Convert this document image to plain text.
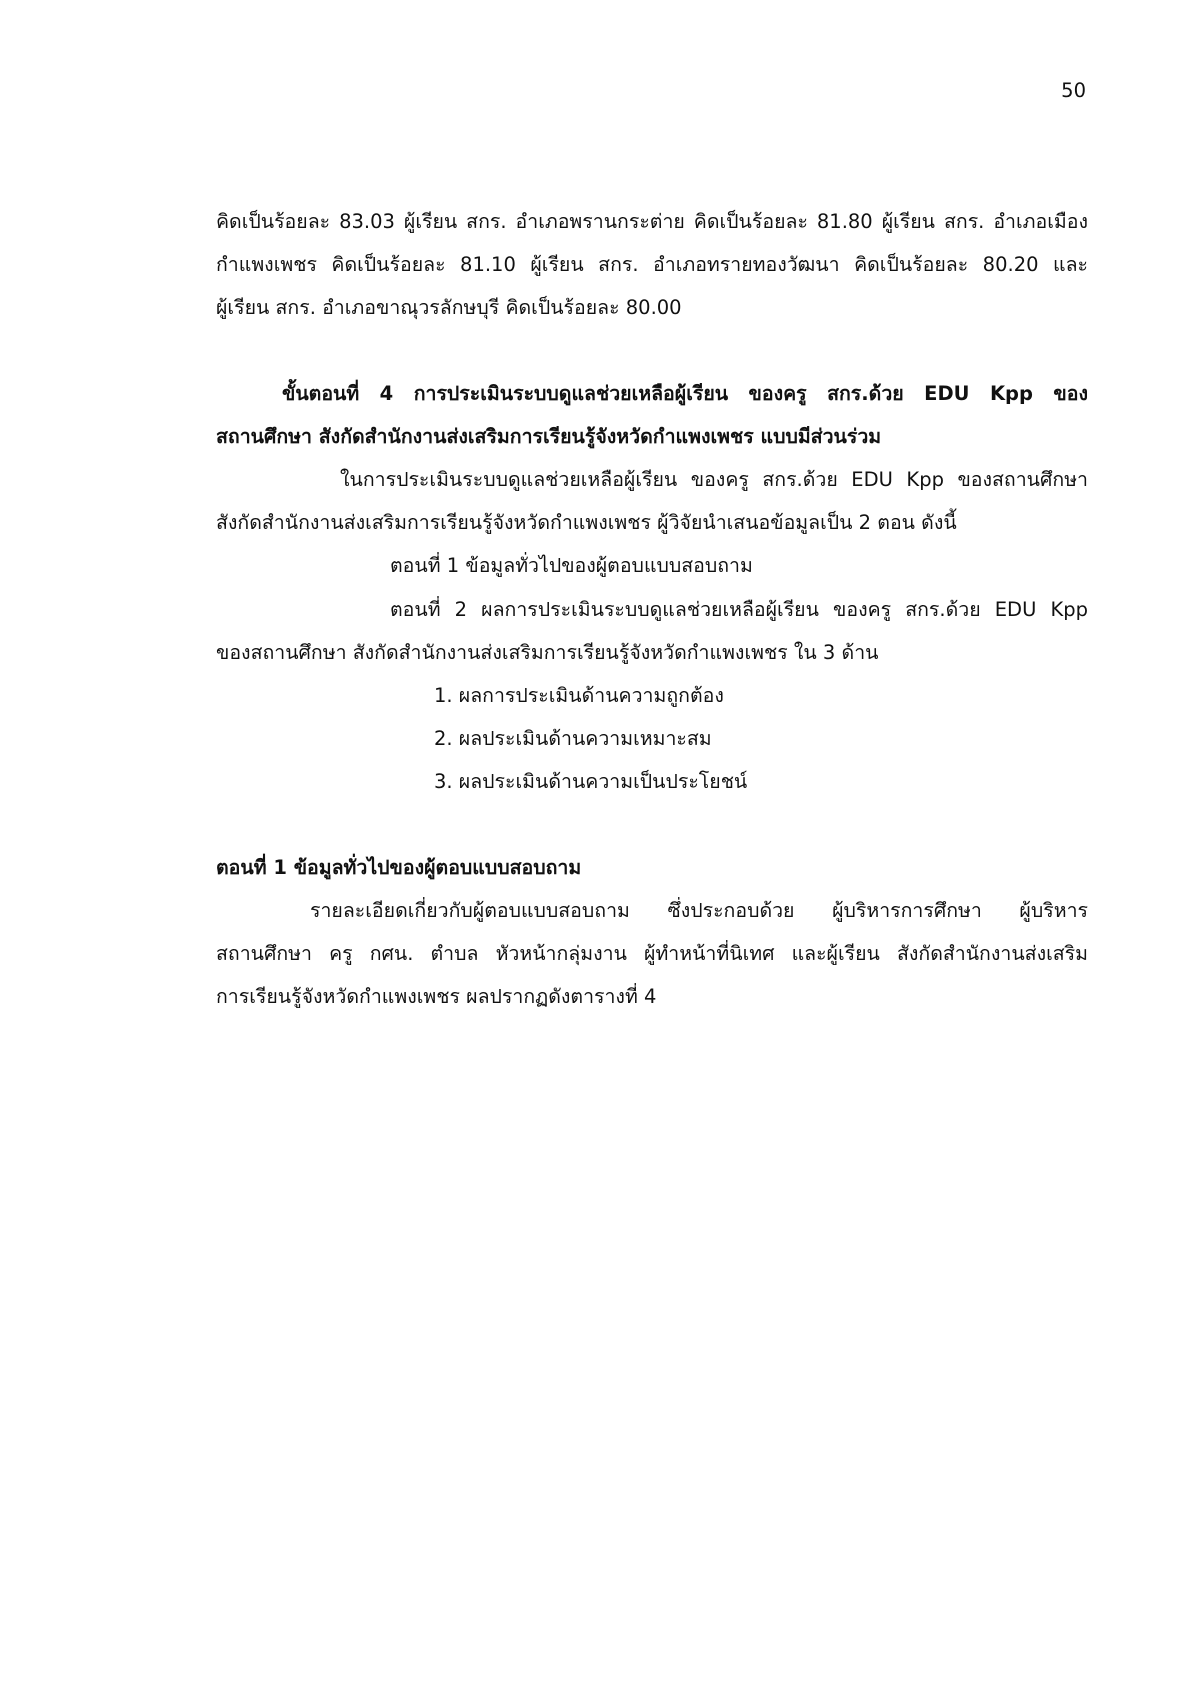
50
คิดเป็นร้อยละ 83.03 ผู้เรียน สกร. อำเภอพรานกระต่าย คิดเป็นร้อยละ 81.80 ผู้เรียน สกร. อำเภอเมือง
กำแพงเพชร คิดเป็นร้อยละ 81.10 ผู้เรียน สกร. อำเภอทรายทองวัฒนา คิดเป็นร้อยละ 80.20 และ
ผู้เรียน สกร. อำเภอขาณุวรลักษบุรี คิดเป็นร้อยละ 80.00
ขั้นตอนที่ 4 การประเมินระบบดูแลช่วยเหลือผู้เรียน ของครู สกร.ด้วย EDU Kpp ของ
สถานศึกษา สังกัดสำนักงานส่งเสริมการเรียนรู้จังหวัดกำแพงเพชร แบบมีส่วนร่วม
ในการประเมินระบบดูแลช่วยเหลือผู้เรียน ของครู สกร.ด้วย EDU Kpp ของสถานศึกษา
สังกัดสำนักงานส่งเสริมการเรียนรู้จังหวัดกำแพงเพชร ผู้วิจัยนำเสนอข้อมูลเป็น 2 ตอน ดังนี้
ตอนที่ 1 ข้อมูลทั่วไปของผู้ตอบแบบสอบถาม
ตอนที่ 2 ผลการประเมินระบบดูแลช่วยเหลือผู้เรียน ของครู สกร.ด้วย EDU Kpp
ของสถานศึกษา สังกัดสำนักงานส่งเสริมการเรียนรู้จังหวัดกำแพงเพชร ใน 3 ด้าน
1. ผลการประเมินด้านความถูกต้อง
2. ผลประเมินด้านความเหมาะสม
3. ผลประเมินด้านความเป็นประโยชน์
ตอนที่ 1 ข้อมูลทั่วไปของผู้ตอบแบบสอบถาม
รายละเอียดเกี่ยวกับผู้ตอบแบบสอบถาม ซึ่งประกอบด้วย ผู้บริหารการศึกษา ผู้บริหาร
สถานศึกษา ครู กศน. ตำบล หัวหน้ากลุ่มงาน ผู้ทำหน้าที่นิเทศ และผู้เรียน สังกัดสำนักงานส่งเสริม
การเรียนรู้จังหวัดกำแพงเพชร ผลปรากฏดังตารางที่ 4
